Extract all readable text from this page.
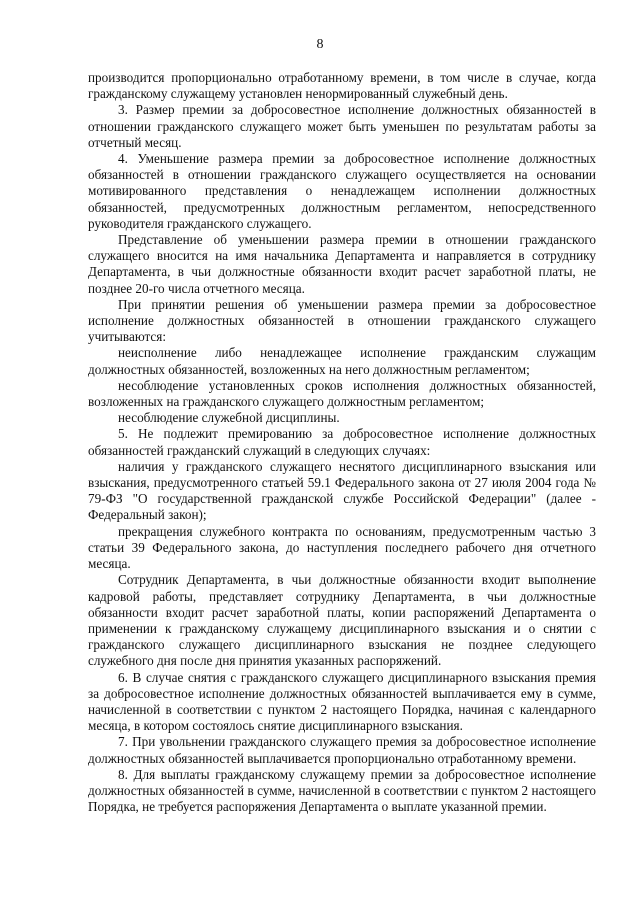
8

производится пропорционально отработанному времени, в том числе в случае, когда гражданскому служащему установлен ненормированный служебный день.

3. Размер премии за добросовестное исполнение должностных обязанностей в отношении гражданского служащего может быть уменьшен по результатам работы за отчетный месяц.

4. Уменьшение размера премии за добросовестное исполнение должностных обязанностей в отношении гражданского служащего осуществляется на основании мотивированного представления о ненадлежащем исполнении должностных обязанностей, предусмотренных должностным регламентом, непосредственного руководителя гражданского служащего.

Представление об уменьшении размера премии в отношении гражданского служащего вносится на имя начальника Департамента и направляется в сотруднику Департамента, в чьи должностные обязанности входит расчет заработной платы, не позднее 20-го числа отчетного месяца.

При принятии решения об уменьшении размера премии за добросовестное исполнение должностных обязанностей в отношении гражданского служащего учитываются:

неисполнение либо ненадлежащее исполнение гражданским служащим должностных обязанностей, возложенных на него должностным регламентом;

несоблюдение установленных сроков исполнения должностных обязанностей, возложенных на гражданского служащего должностным регламентом;

несоблюдение служебной дисциплины.

5. Не подлежит премированию за добросовестное исполнение должностных обязанностей гражданский служащий в следующих случаях:

наличия у гражданского служащего неснятого дисциплинарного взыскания или взыскания, предусмотренного статьей 59.1 Федерального закона от 27 июля 2004 года № 79-ФЗ "О государственной гражданской службе Российской Федерации" (далее - Федеральный закон);

прекращения служебного контракта по основаниям, предусмотренным частью 3 статьи 39 Федерального закона, до наступления последнего рабочего дня отчетного месяца.

Сотрудник Департамента, в чьи должностные обязанности входит выполнение кадровой работы, представляет сотруднику Департамента, в чьи должностные обязанности входит расчет заработной платы, копии распоряжений Департамента о применении к гражданскому служащему дисциплинарного взыскания и о снятии с гражданского служащего дисциплинарного взыскания не позднее следующего служебного дня после дня принятия указанных распоряжений.

6. В случае снятия с гражданского служащего дисциплинарного взыскания премия за добросовестное исполнение должностных обязанностей выплачивается ему в сумме, начисленной в соответствии с пунктом 2 настоящего Порядка, начиная с календарного месяца, в котором состоялось снятие дисциплинарного взыскания.

7. При увольнении гражданского служащего премия за добросовестное исполнение должностных обязанностей выплачивается пропорционально отработанному времени.

8. Для выплаты гражданскому служащему премии за добросовестное исполнение должностных обязанностей в сумме, начисленной в соответствии с пунктом 2 настоящего Порядка, не требуется распоряжения Департамента о выплате указанной премии.
